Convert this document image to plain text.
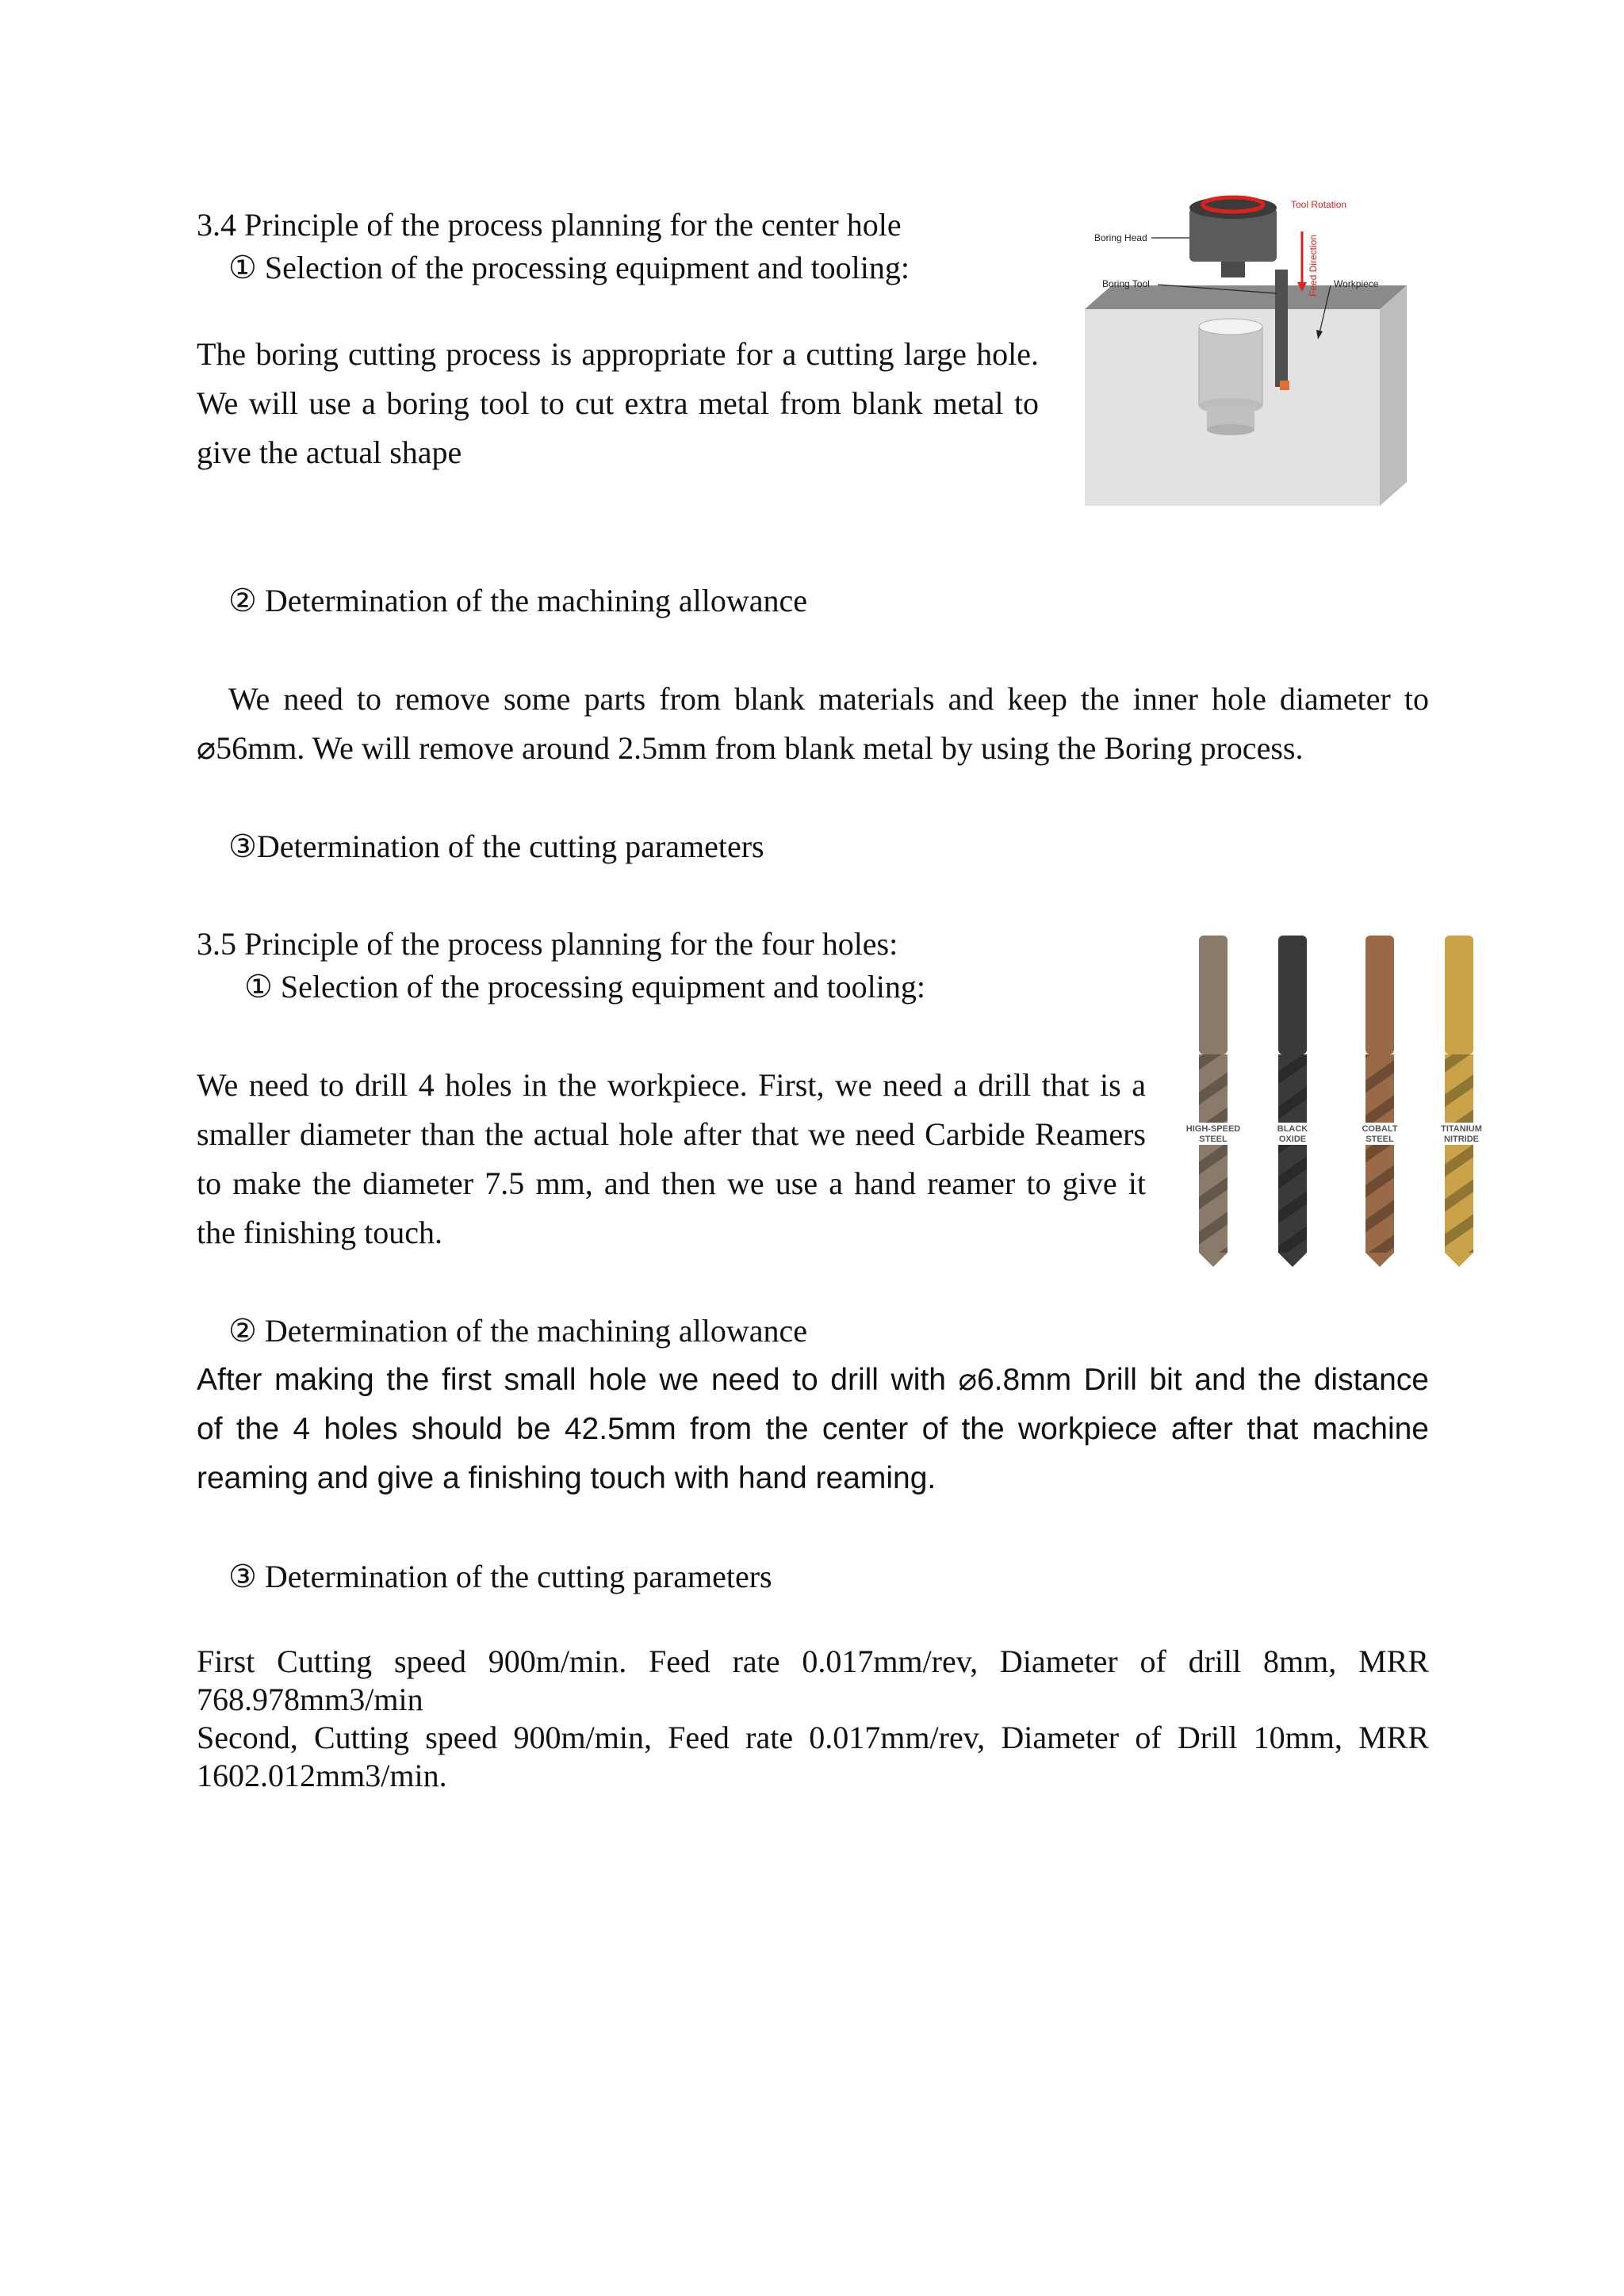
3.4 Principle of the process planning for the center hole
① Selection of the processing equipment and tooling:
The boring cutting process is appropriate for a cutting large hole.
We will use a boring tool to cut extra metal from blank metal to
give the actual shape
Tool Rotation
Boring Head
Boring Tool	Workpiece
Feed Direction
② Determination of the machining allowance
We need to remove some parts from blank materials and keep the inner hole diameter to
⌀56mm. We will remove around 2.5mm from blank metal by using the Boring process.
③Determination of the cutting parameters
3.5 Principle of the process planning for the four holes:
① Selection of the processing equipment and tooling:
We need to drill 4 holes in the workpiece. First, we need a drill that is a
smaller diameter than the actual hole after that we need Carbide Reamers
to make the diameter 7.5 mm, and then we use a hand reamer to give it
the finishing touch.
HIGH-SPEED
STEEL
BLACK
OXIDE
COBALT
STEEL
TITANIUM
NITRIDE
② Determination of the machining allowance
After making the first small hole we need to drill with ⌀6.8mm Drill bit and the distance
of the 4 holes should be 42.5mm from the center of the workpiece after that machine
reaming and give a finishing touch with hand reaming.
③ Determination of the cutting parameters
First Cutting speed 900m/min. Feed rate 0.017mm/rev, Diameter of drill 8mm, MRR
768.978mm3/min
Second, Cutting speed 900m/min, Feed rate 0.017mm/rev, Diameter of Drill 10mm, MRR
1602.012mm3/min.
